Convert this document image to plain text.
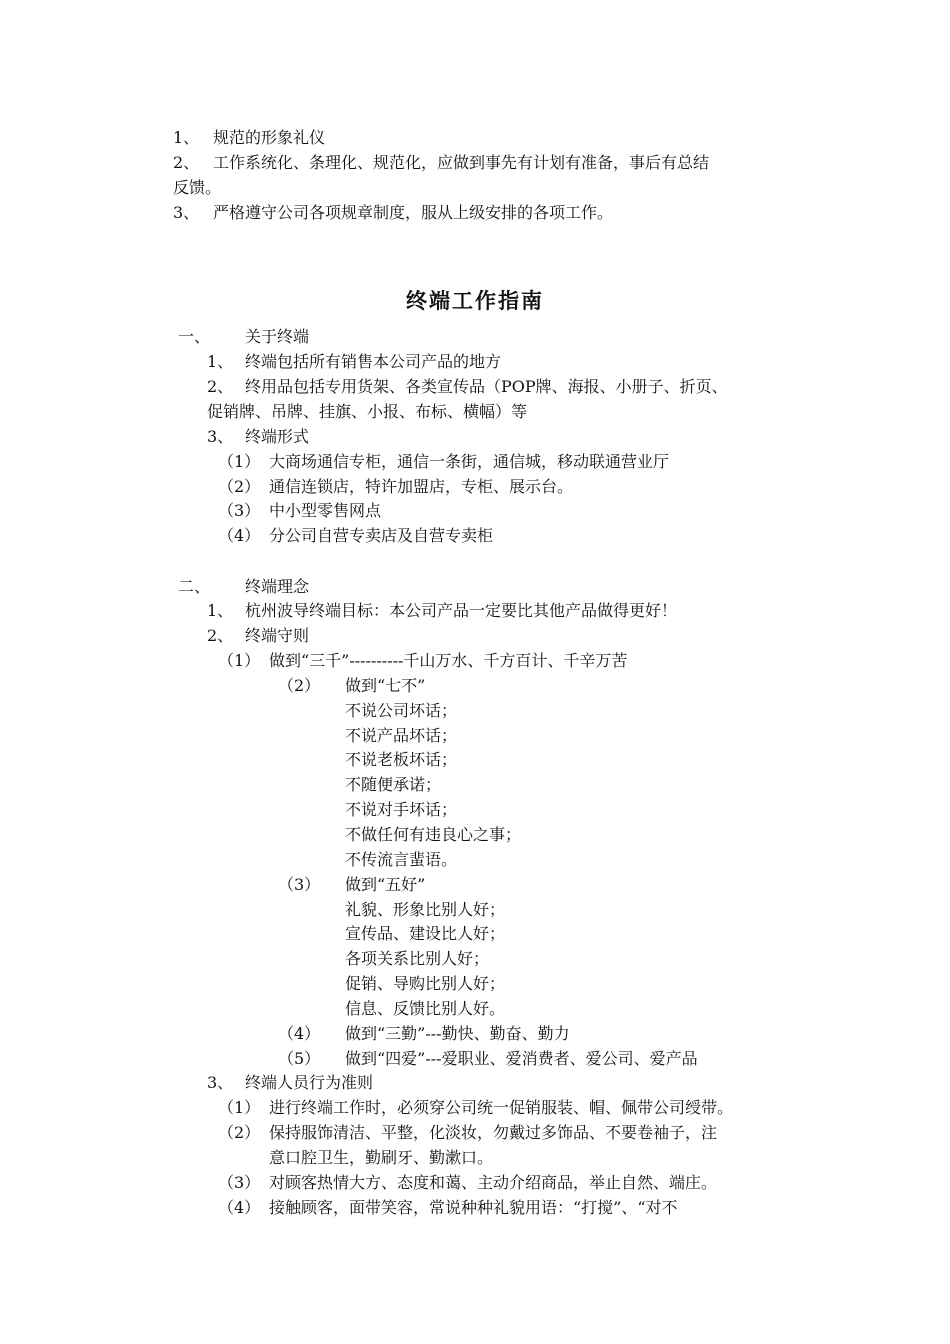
1、 规范的形象礼仪
2、 工作系统化、条理化、规范化，应做到事先有计划有准备，事后有总结
反馈。
3、 严格遵守公司各项规章制度，服从上级安排的各项工作。
终端工作指南
一、 关于终端
1、 终端包括所有销售本公司产品的地方
2、 终用品包括专用货架、各类宣传品（POP牌、海报、小册子、折页、
促销牌、吊牌、挂旗、小报、布标、横幅）等
3、 终端形式
（1） 大商场通信专柜，通信一条街，通信城，移动联通营业厅
（2） 通信连锁店，特许加盟店，专柜、展示台。
（3） 中小型零售网点
（4） 分公司自营专卖店及自营专卖柜
二、 终端理念
1、 杭州波导终端目标：本公司产品一定要比其他产品做得更好！
2、 终端守则
（1） 做到“三千”----------千山万水、千方百计、千辛万苦
（2） 做到“七不”
不说公司坏话；
不说产品坏话；
不说老板坏话；
不随便承诺；
不说对手坏话；
不做任何有违良心之事；
不传流言蜚语。
（3） 做到“五好”
礼貌、形象比别人好；
宣传品、建设比人好；
各项关系比别人好；
促销、导购比别人好；
信息、反馈比别人好。
（4） 做到“三勤”---勤快、勤奋、勤力
（5） 做到“四爱”---爱职业、爱消费者、爱公司、爱产品
3、 终端人员行为准则
（1） 进行终端工作时，必须穿公司统一促销服装、帽、佩带公司绶带。
（2） 保持服饰清洁、平整，化淡妆，勿戴过多饰品、不要卷袖子，注
意口腔卫生，勤刷牙、勤漱口。
（3） 对顾客热情大方、态度和蔼、主动介绍商品，举止自然、端庄。
（4） 接触顾客，面带笑容，常说种种礼貌用语：“打搅”、“对不
